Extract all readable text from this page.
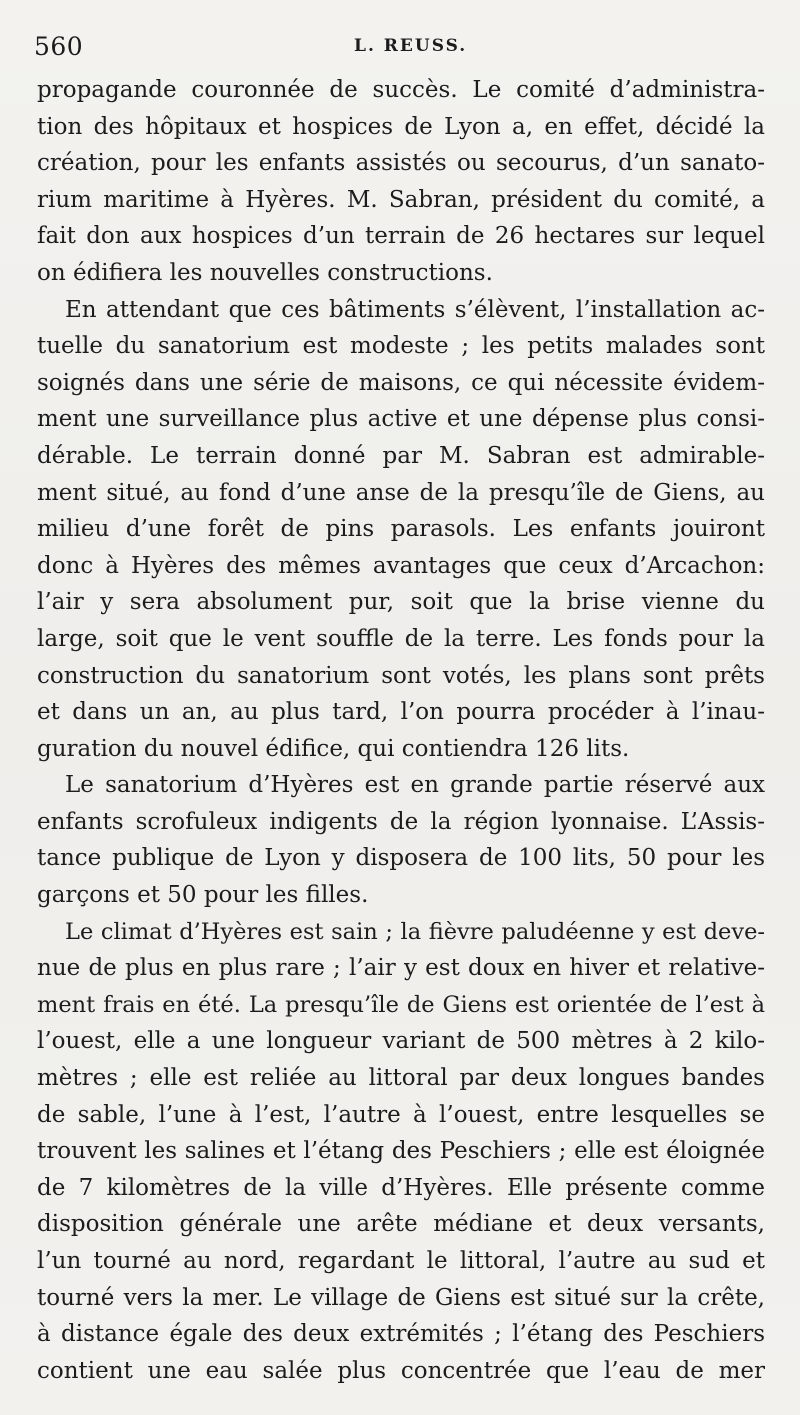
560	L. REUSS.
propagande couronnée de succès. Le comité d’administra-
tion des hôpitaux et hospices de Lyon a, en effet, décidé la
création, pour les enfants assistés ou secourus, d’un sanato-
rium maritime à Hyères. M. Sabran, président du comité, a
fait don aux hospices d’un terrain de 26 hectares sur lequel
on édifiera les nouvelles constructions.
En attendant que ces bâtiments s’élèvent, l’installation ac-
tuelle du sanatorium est modeste ; les petits malades sont
soignés dans une série de maisons, ce qui nécessite évidem-
ment une surveillance plus active et une dépense plus consi-
dérable. Le terrain donné par M. Sabran est admirable-
ment situé, au fond d’une anse de la presqu’île de Giens, au
milieu d’une forêt de pins parasols. Les enfants jouiront
donc à Hyères des mêmes avantages que ceux d’Arcachon:
l’air y sera absolument pur, soit que la brise vienne du
large, soit que le vent souffle de la terre. Les fonds pour la
construction du sanatorium sont votés, les plans sont prêts
et dans un an, au plus tard, l’on pourra procéder à l’inau-
guration du nouvel édifice, qui contiendra 126 lits.
Le sanatorium d’Hyères est en grande partie réservé aux
enfants scrofuleux indigents de la région lyonnaise. L’Assis-
tance publique de Lyon y disposera de 100 lits, 50 pour les
garçons et 50 pour les filles.
Le climat d’Hyères est sain ; la fièvre paludéenne y est deve-
nue de plus en plus rare ; l’air y est doux en hiver et relative-
ment frais en été. La presqu’île de Giens est orientée de l’est à
l’ouest, elle a une longueur variant de 500 mètres à 2 kilo-
mètres ; elle est reliée au littoral par deux longues bandes
de sable, l’une à l’est, l’autre à l’ouest, entre lesquelles se
trouvent les salines et l’étang des Peschiers ; elle est éloignée
de 7 kilomètres de la ville d’Hyères. Elle présente comme
disposition générale une arête médiane et deux versants,
l’un tourné au nord, regardant le littoral, l’autre au sud et
tourné vers la mer. Le village de Giens est situé sur la crête,
à distance égale des deux extrémités ; l’étang des Peschiers
contient une eau salée plus concentrée que l’eau de mer
